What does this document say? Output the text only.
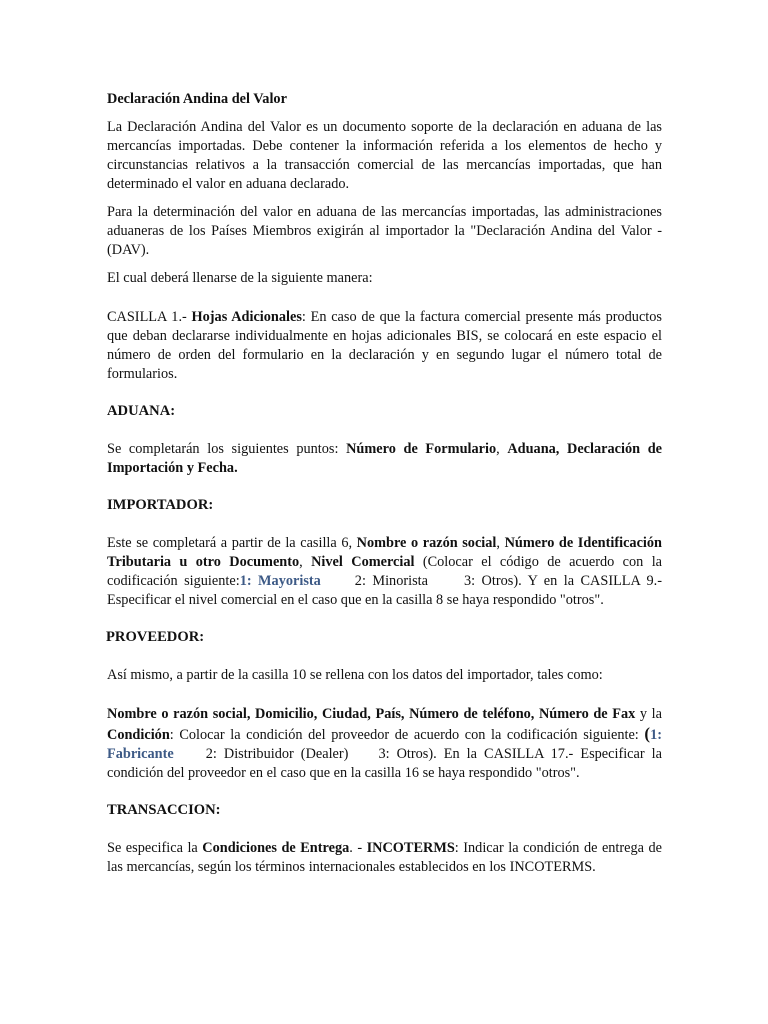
Declaración Andina del Valor

La Declaración Andina del Valor es un documento soporte de la declaración en aduana de las mercancías importadas. Debe contener la información referida a los elementos de hecho y circunstancias relativos a la transacción comercial de las mercancías importadas, que han determinado el valor en aduana declarado.

Para la determinación del valor en aduana de las mercancías importadas, las administraciones aduaneras de los Países Miembros exigirán al importador la "Declaración Andina del Valor - (DAV).

El cual deberá llenarse de la siguiente manera:

CASILLA 1.- Hojas Adicionales: En caso de que la factura comercial presente más productos que deban declararse individualmente en hojas adicionales BIS, se colocará en este espacio el número de orden del formulario en la declaración y en segundo lugar el número total de formularios.

ADUANA:

Se completarán los siguientes puntos: Número de Formulario, Aduana, Declaración de Importación y Fecha.

IMPORTADOR:

Este se completará a partir de la casilla 6, Nombre o razón social, Número de Identificación Tributaria u otro Documento, Nivel Comercial (Colocar el código de acuerdo con la codificación siguiente:1: Mayorista 2: Minorista	3: Otros). Y en la CASILLA 9.- Especificar el nivel comercial en el caso que en la casilla 8 se haya respondido "otros".

PROVEEDOR:

Así mismo, a partir de la casilla 10 se rellena con los datos del importador, tales como:

Nombre o razón social, Domicilio, Ciudad, País, Número de teléfono, Número de Fax y la Condición: Colocar la condición del proveedor de acuerdo con la codificación siguiente: (1: Fabricante 2: Distribuidor (Dealer) 3: Otros). En la CASILLA 17.- Especificar la condición del proveedor en el caso que en la casilla 16 se haya respondido "otros".

TRANSACCION:

Se especifica la Condiciones de Entrega. - INCOTERMS: Indicar la condición de entrega de las mercancías, según los términos internacionales establecidos en los INCOTERMS.
